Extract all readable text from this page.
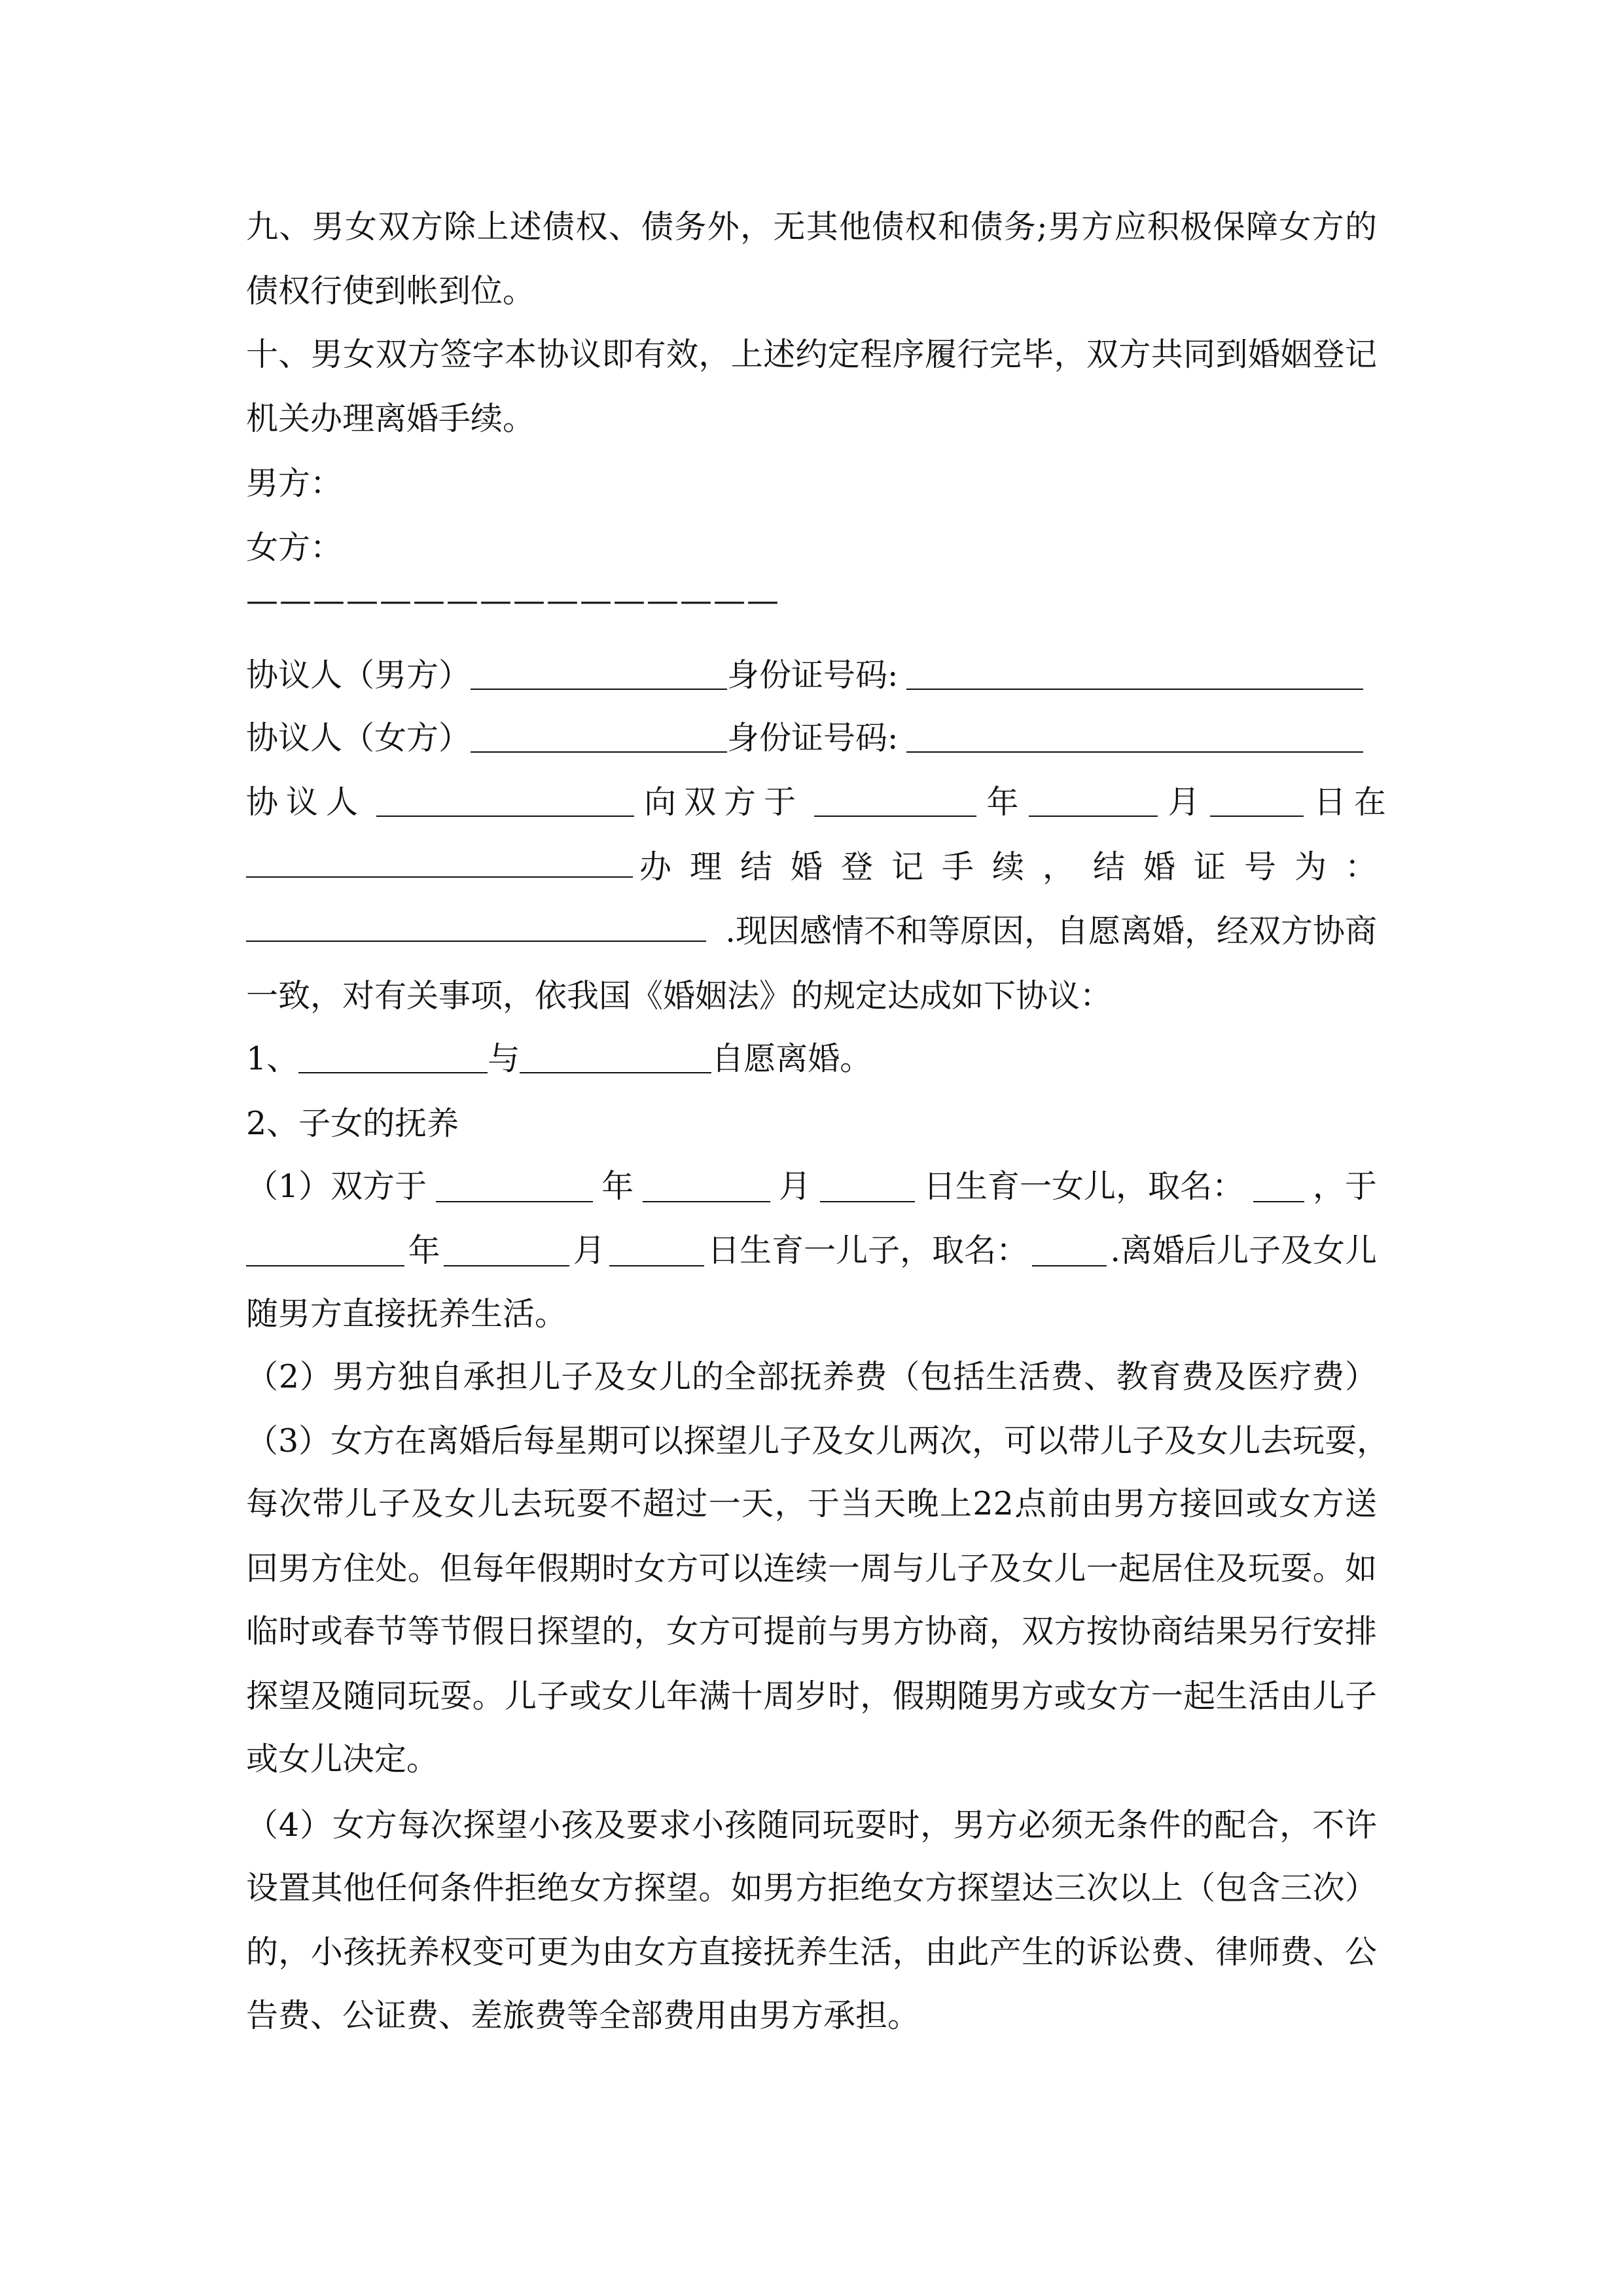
九、男女双方除上述债权、债务外，无其他债权和债务;男方应积极保障女方的
债权行使到帐到位。
十、男女双方签字本协议即有效，上述约定程序履行完毕，双方共同到婚姻登记
机关办理离婚手续。
男方：
女方：
————————————————
协议人（男方）	身份证号码:
协议人（女方）	身份证号码:
协议人	向双方于	年	月	日在
办理结婚登记手续，结婚证号为：
.现因感情不和等原因，自愿离婚，经双方协商
一致，对有关事项，依我国《婚姻法》的规定达成如下协议：
1、	与	自愿离婚。
2、子女的抚养
（1）双方于	年	月	日生育一女儿，取名： ，于
年	月	日生育一儿子，取名：	.离婚后儿子及女儿
随男方直接抚养生活。
（2）男方独自承担儿子及女儿的全部抚养费（包括生活费、教育费及医疗费）
（3）女方在离婚后每星期可以探望儿子及女儿两次，可以带儿子及女儿去玩耍，
每次带儿子及女儿去玩耍不超过一天，于当天晚上22点前由男方接回或女方送
回男方住处。但每年假期时女方可以连续一周与儿子及女儿一起居住及玩耍。如
临时或春节等节假日探望的，女方可提前与男方协商，双方按协商结果另行安排
探望及随同玩耍。儿子或女儿年满十周岁时，假期随男方或女方一起生活由儿子
或女儿决定。
（4）女方每次探望小孩及要求小孩随同玩耍时，男方必须无条件的配合，不许
设置其他任何条件拒绝女方探望。如男方拒绝女方探望达三次以上（包含三次）
的，小孩抚养权变可更为由女方直接抚养生活，由此产生的诉讼费、律师费、公
告费、公证费、差旅费等全部费用由男方承担。
